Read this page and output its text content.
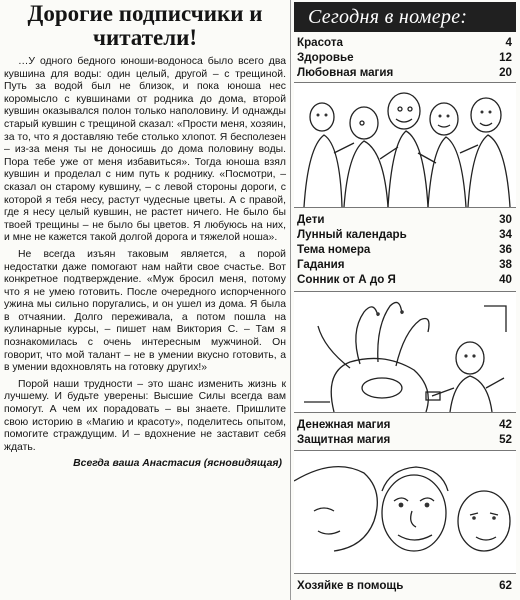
Дорогие подписчики и читатели!

…У одного бедного юноши-водоноса было всего два кувшина для воды: один целый, другой – с трещиной. Путь за водой был не близок, и пока юноша нес коромысло с кувшинами от родника до дома, второй кувшин оказывался полон только наполовину. И однажды старый кувшин с трещиной сказал: «Прости меня, хозяин, за то, что я доставляю тебе столько хлопот. Я бесполезен – из-за меня ты не доносишь до дома половину воды. Пора тебе уже от меня избавиться». Тогда юноша взял кувшин и проделал с ним путь к роднику. «Посмотри, – сказал он старому кувшину, – с левой стороны дороги, с которой я тебя несу, растут чудесные цветы. А с правой, где я несу целый кувшин, не растет ничего. Не было бы твоей трещины – не было бы цветов. Я любуюсь на них, и мне не кажется такой долгой дорога и тяжелой ноша».

Не всегда изъян таковым является, а порой недостатки даже помогают нам найти свое счастье. Вот конкретное подтверждение. «Муж бросил меня, потому что я не умею готовить. После очередного испорченного ужина мы сильно поругались, и он ушел из дома. Я была в отчаянии. Долго переживала, а потом пошла на кулинарные курсы, – пишет нам Виктория С. – Там я познакомилась с очень интересным мужчиной. Он говорит, что мой талант – не в умении вкусно готовить, а в умении вдохновлять на готовку других!»

Порой наши трудности – это шанс изменить жизнь к лучшему. И будьте уверены: Высшие Силы всегда вам помогут. А чем их порадовать – вы знаете. Пришлите свою историю в «Магию и красоту», поделитесь опытом, помогите страждущим. И – вдохнение не заставит себя ждать.

Всегда ваша Анастасия (ясновидящая)
Сегодня в номере:
Красота	4
Здоровье	12
Любовная магия	20
Дети	30
Лунный календарь	34
Тема номера	36
Гадания	38
Сонник от А до Я	40
Денежная магия	42
Защитная магия	52
Хозяйке в помощь	62
